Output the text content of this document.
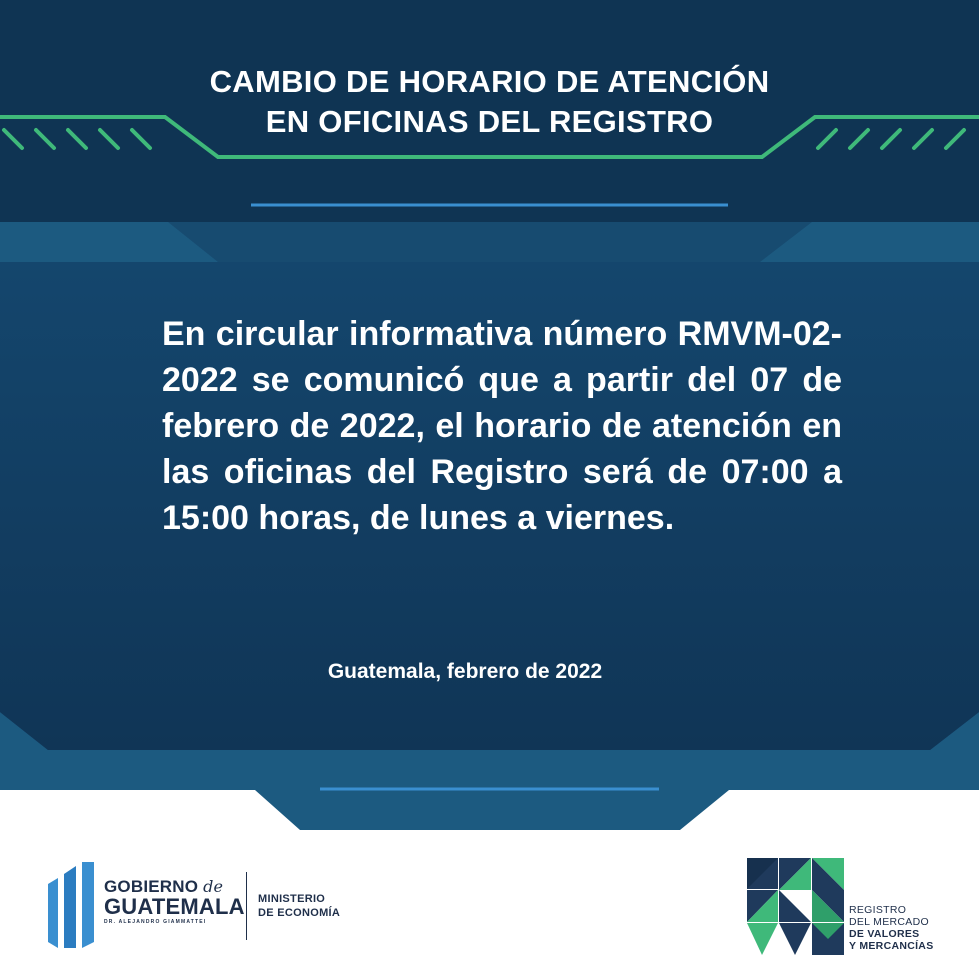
CAMBIO DE HORARIO DE ATENCIÓN
EN OFICINAS DEL REGISTRO
En circular informativa número RMVM-02-2022 se comunicó que a partir del 07 de febrero de 2022, el horario de atención en las oficinas del Registro será de 07:00 a 15:00 horas, de lunes a viernes.
Guatemala, febrero de 2022
GOBIERNO de
GUATEMALA
DR. ALEJANDRO GIAMMATTEI
MINISTERIO
DE ECONOMÍA	REGISTRO
DEL MERCADO
DE VALORES
Y MERCANCÍAS
